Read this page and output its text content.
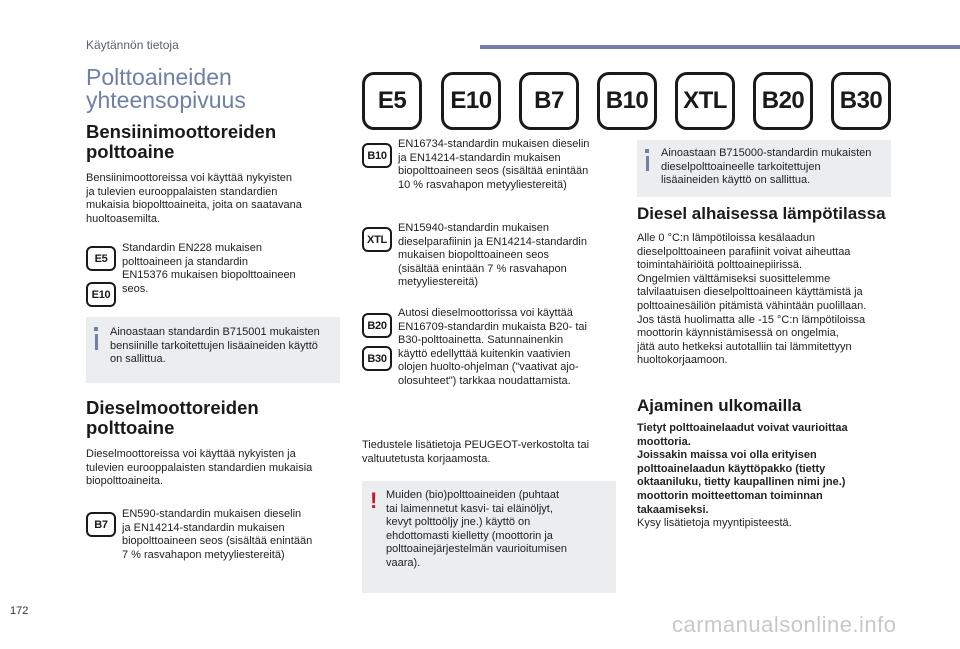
Käytännön tietoja
Polttoaineiden
yhteensopivuus
Bensiinimoottoreiden
polttoaine
Bensiinimoottoreissa voi käyttää nykyisten
ja tulevien eurooppalaisten standardien
mukaisia biopolttoaineita, joita on saatavana
huoltoasemilta.
E5
E10
Standardin EN228 mukaisen
polttoaineen ja standardin
EN15376 mukaisen biopolttoaineen
seos.
Ainoastaan standardin B715001 mukaisten
bensiinille tarkoitettujen lisäaineiden käyttö
on sallittua.
Dieselmoottoreiden
polttoaine
Dieselmoottoreissa voi käyttää nykyisten ja
tulevien eurooppalaisten standardien mukaisia
biopolttoaineita.
B7
EN590-standardin mukaisen dieselin
ja EN14214-standardin mukaisen
biopolttoaineen seos (sisältää enintään
7 % rasvahapon metyyliestereitä)
E5	E10	B7	B10	XTL	B20	B30
B10
EN16734-standardin mukaisen dieselin
ja EN14214-standardin mukaisen
biopolttoaineen seos (sisältää enintään
10 % rasvahapon metyyliestereitä)
XTL
EN15940-standardin mukaisen
dieselparafiinin ja EN14214-standardin
mukaisen biopolttoaineen seos
(sisältää enintään 7 % rasvahapon
metyyliestereitä)
B20
B30
Autosi dieselmoottorissa voi käyttää
EN16709-standardin mukaista B20- tai
B30-polttoainetta. Satunnainenkin
käyttö edellyttää kuitenkin vaativien
olojen huolto-ohjelman ("vaativat ajo-
olosuhteet") tarkkaa noudattamista.
Tiedustele lisätietoja PEUGEOT-verkostolta tai
valtuutetusta korjaamosta.
! Muiden (bio)polttoaineiden (puhtaat
tai laimennetut kasvi- tai eläinöljyt,
kevyt polttoöljy jne.) käyttö on
ehdottomasti kielletty (moottorin ja
polttoainejärjestelmän vaurioitumisen
vaara).
Ainoastaan B715000-standardin mukaisten
dieselpolttoaineelle tarkoitettujen
lisäaineiden käyttö on sallittua.
Diesel alhaisessa lämpötilassa
Alle 0 °C:n lämpötiloissa kesälaadun
dieselpolttoaineen parafiinit voivat aiheuttaa
toimintahäiriöitä polttoainepiirissä.
Ongelmien välttämiseksi suosittelemme
talvilaatuisen dieselpolttoaineen käyttämistä ja
polttoainesäiliön pitämistä vähintään puolillaan.
Jos tästä huolimatta alle -15 °C:n lämpötiloissa
moottorin käynnistämisessä on ongelmia,
jätä auto hetkeksi autotalliin tai lämmitettyyn
huoltokorjaamoon.
Ajaminen ulkomailla
Tietyt polttoainelaadut voivat vaurioittaa
moottoria.
Joissakin maissa voi olla erityisen
polttoainelaadun käyttöpakko (tietty
oktaaniluku, tietty kaupallinen nimi jne.)
moottorin moitteettoman toiminnan
takaamiseksi.
Kysy lisätietoja myyntipisteestä.
172
carmanualsonline.info
